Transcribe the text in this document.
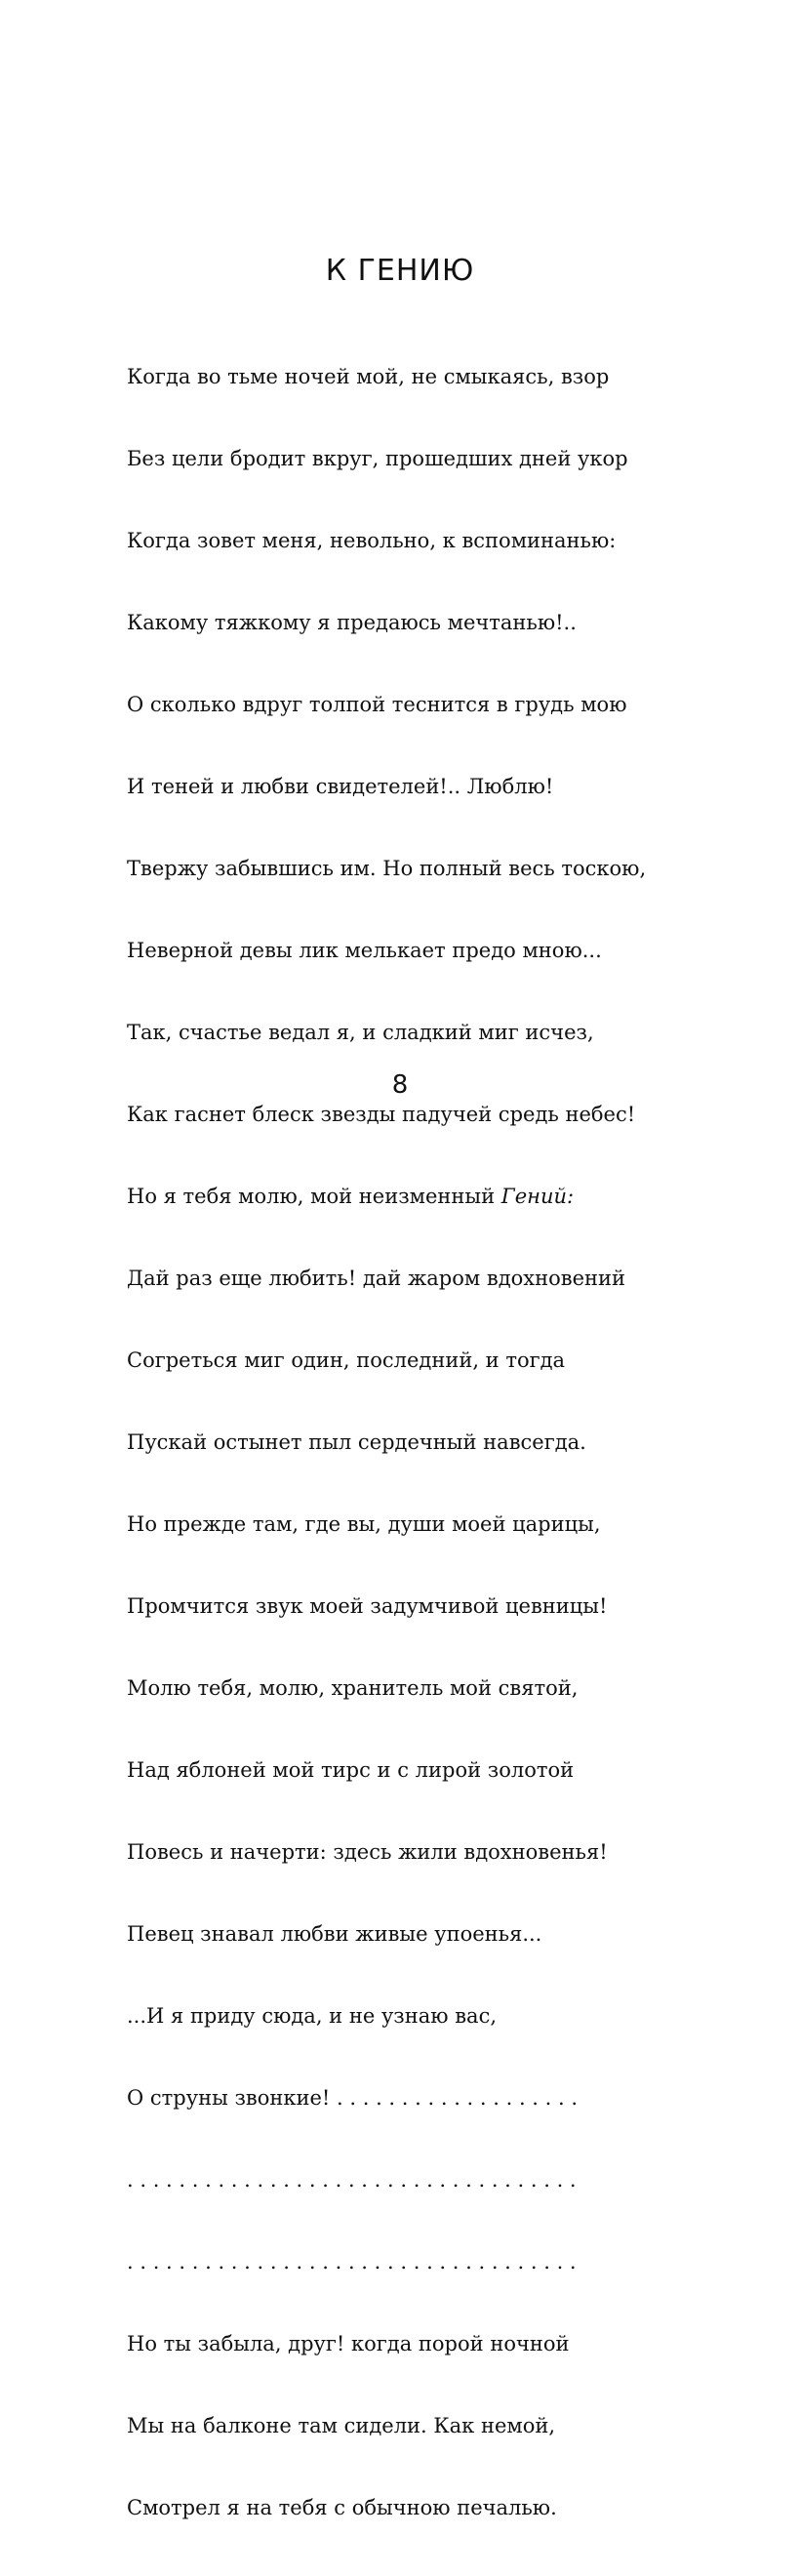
К ГЕНИЮ

Когда во тьме ночей мой, не смыкаясь, взор

Без цели бродит вкруг, прошедших дней укор

Когда зовет меня, невольно, к вспоминанью:

Какому тяжкому я предаюсь мечтанью!..

О сколько вдруг толпой теснится в грудь мою

И теней и любви свидетелей!.. Люблю!

Твержу забывшись им. Но полный весь тоскою,

Неверной девы лик мелькает предо мною...

Так, счастье ведал я, и сладкий миг исчез,

Как гаснет блеск звезды падучей средь небес!

Но я тебя молю, мой неизменный Гений:

Дай раз еще любить! дай жаром вдохновений

Согреться миг один, последний, и тогда

Пускай остынет пыл сердечный навсегда.

Но прежде там, где вы, души моей царицы,

Промчится звук моей задумчивой цевницы!

Молю тебя, молю, хранитель мой святой,

Над яблоней мой тирс и с лирой золотой

Повесь и начерти: здесь жили вдохновенья!

Певец знавал любви живые упоенья...

...И я приду сюда, и не узнаю вас,

О струны звонкие! . . . . . . . . . . . . . . . . . . .

. . . . . . . . . . . . . . . . . . . . . . . . . . . . . . . . . . .

. . . . . . . . . . . . . . . . . . . . . . . . . . . . . . . . . . .

Но ты забыла, друг! когда порой ночной

Мы на балконе там сидели. Как немой,

Смотрел я на тебя с обычною печалью.

8
